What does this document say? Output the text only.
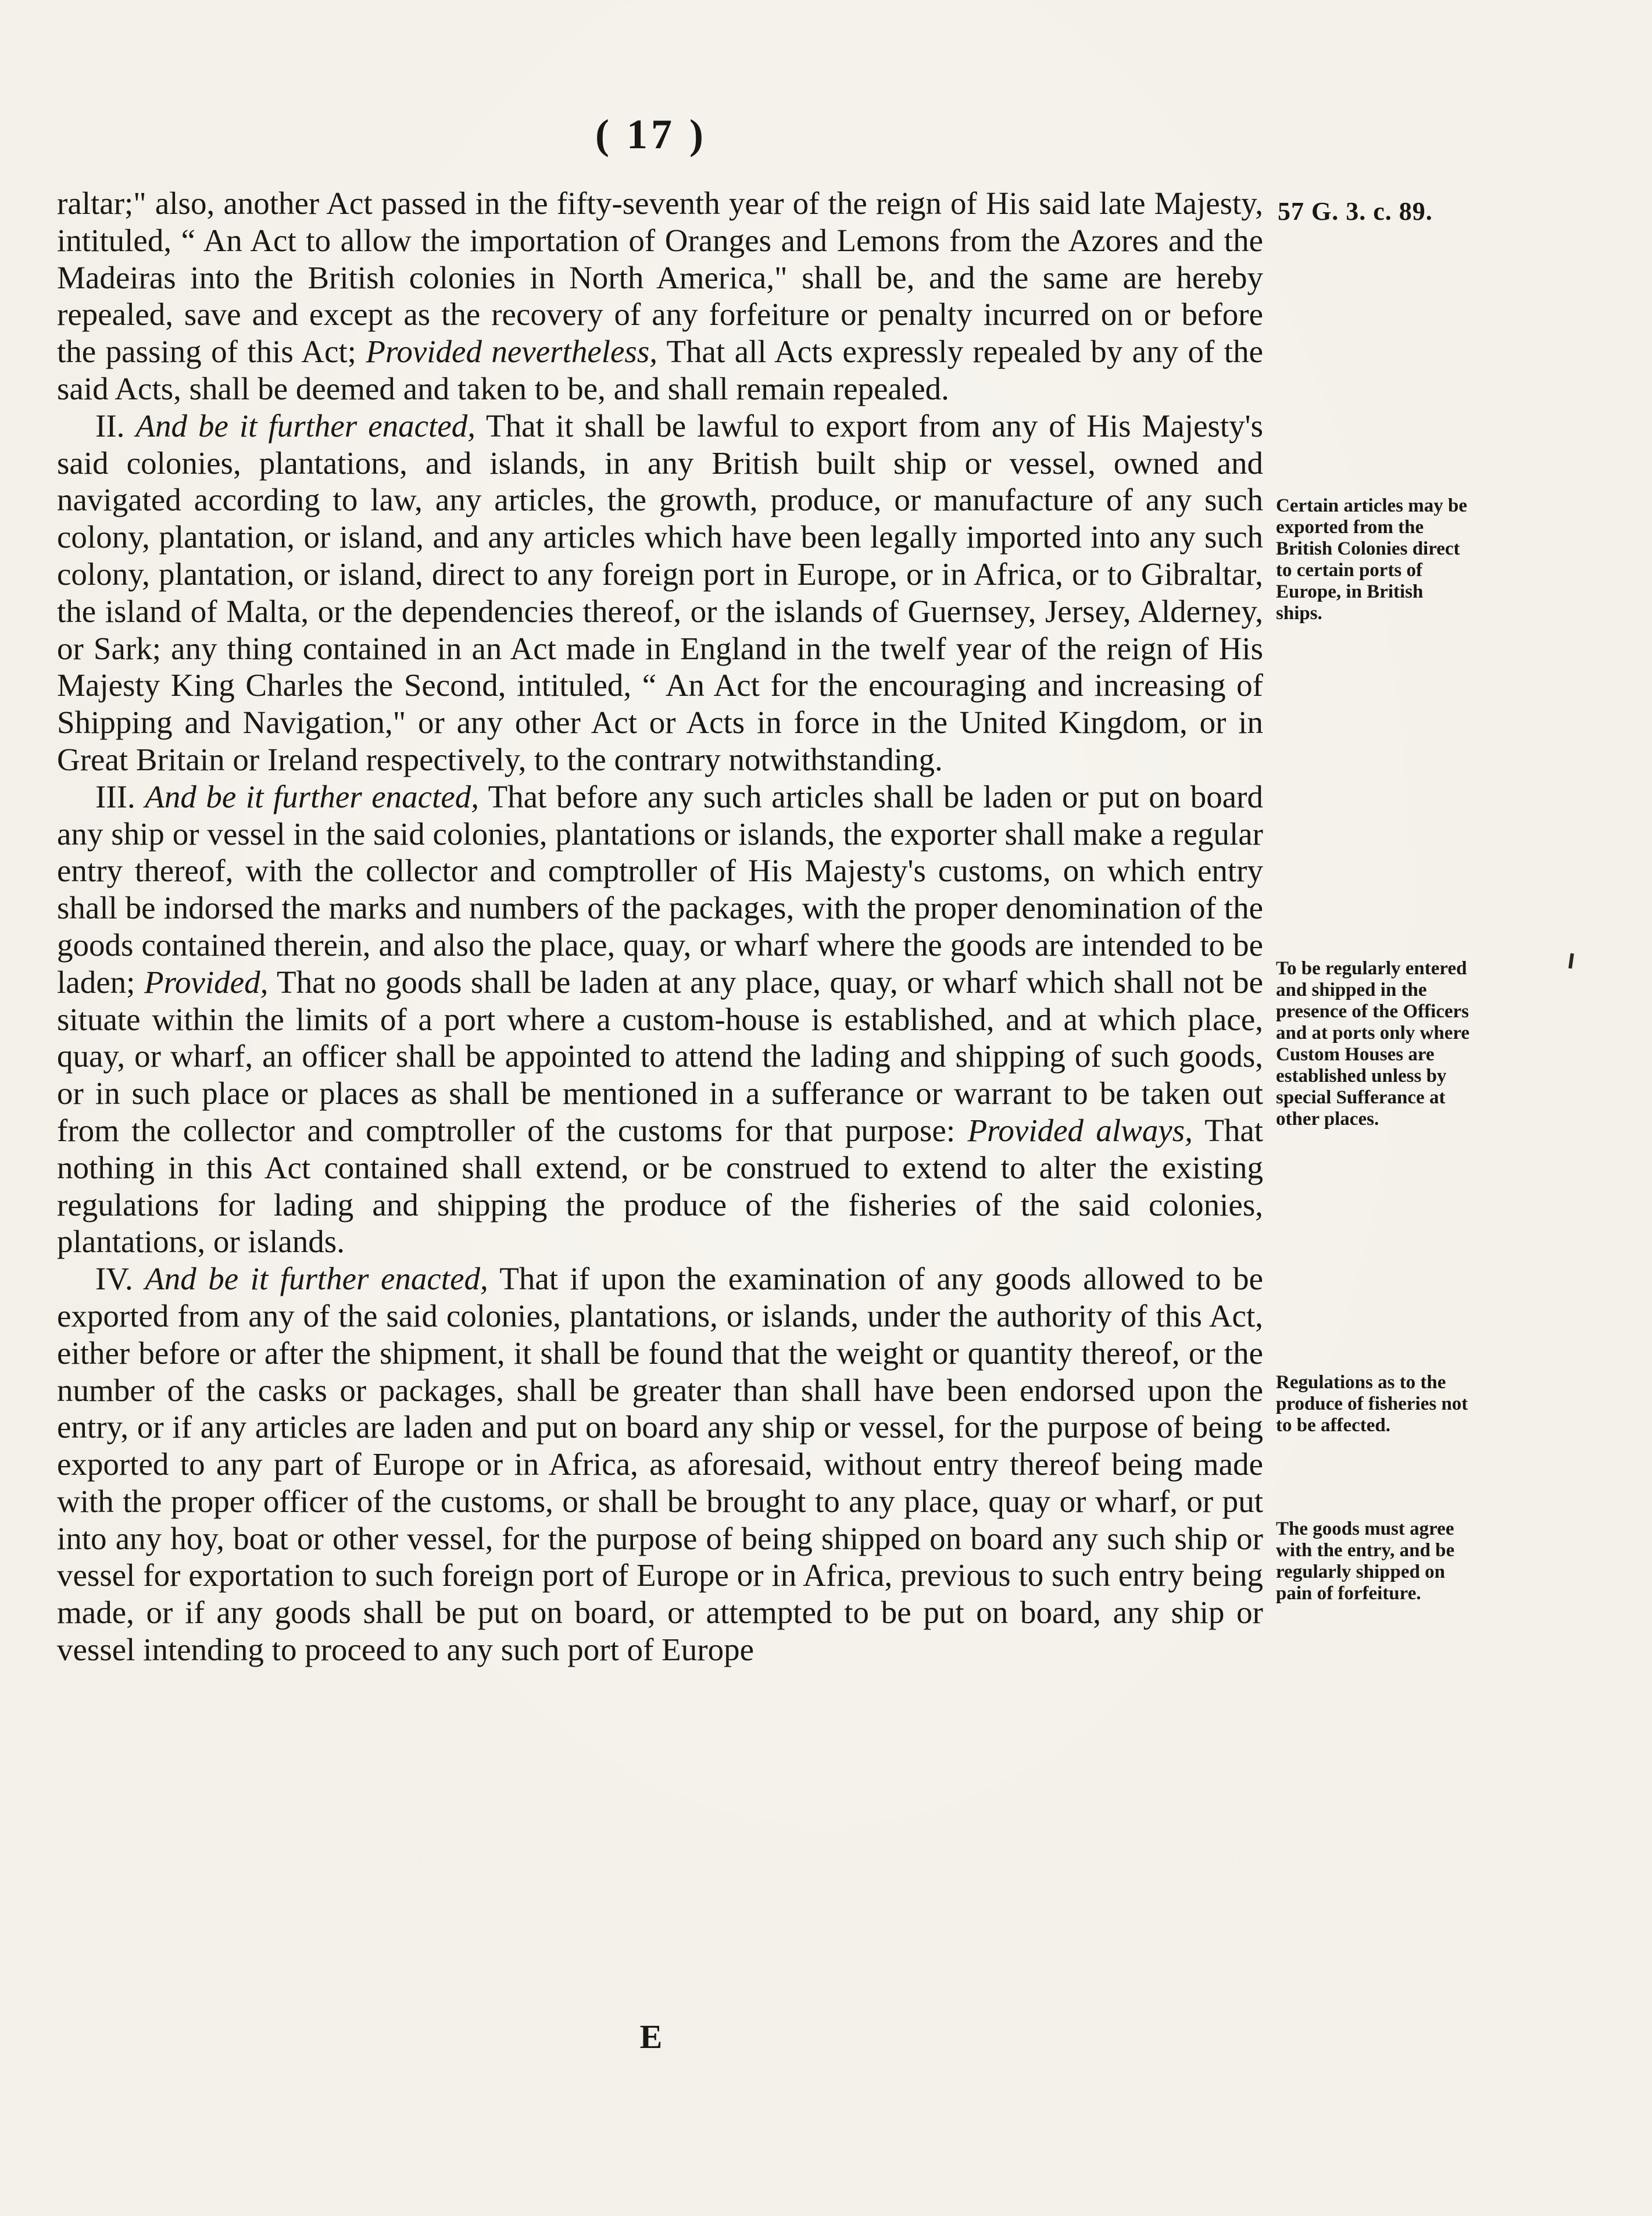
( 17 )
57 G. 3. c. 89.

raltar;" also, another Act passed in the fifty-seventh year of the reign of His said late Majesty, intituled, “ An Act to allow the importation of Oranges and Lemons from the Azores and the Madeiras into the British colonies in North America," shall be, and the same are hereby repealed, save and except as the recovery of any forfeiture or penalty incurred on or before the passing of this Act; Provided nevertheless, That all Acts expressly repealed by any of the said Acts, shall be deemed and taken to be, and shall remain repealed.

II. And be it further enacted, That it shall be lawful to export from any of His Majesty's said colonies, plantations, and islands, in any British built ship or vessel, owned and navigated according to law, any articles, the growth, produce, or manufacture of any such colony, plantation, or island, and any articles which have been legally imported into any such colony, plantation, or island, direct to any foreign port in Europe, or in Africa, or to Gibraltar, the island of Malta, or the dependencies thereof, or the islands of Guernsey, Jersey, Alderney, or Sark; any thing contained in an Act made in England in the twelf year of the reign of His Majesty King Charles the Second, intituled, “ An Act for the encouraging and increasing of Shipping and Navigation," or any other Act or Acts in force in the United Kingdom, or in Great Britain or Ireland respectively, to the contrary notwithstanding.

III. And be it further enacted, That before any such articles shall be laden or put on board any ship or vessel in the said colonies, plantations or islands, the exporter shall make a regular entry thereof, with the collector and comptroller of His Majesty's customs, on which entry shall be indorsed the marks and numbers of the packages, with the proper denomination of the goods contained therein, and also the place, quay, or wharf where the goods are intended to be laden; Provided, That no goods shall be laden at any place, quay, or wharf which shall not be situate within the limits of a port where a custom-house is established, and at which place, quay, or wharf, an officer shall be appointed to attend the lading and shipping of such goods, or in such place or places as shall be mentioned in a sufferance or warrant to be taken out from the collector and comptroller of the customs for that purpose: Provided always, That nothing in this Act contained shall extend, or be construed to extend to alter the existing regulations for lading and shipping the produce of the fisheries of the said colonies, plantations, or islands.

IV. And be it further enacted, That if upon the examination of any goods allowed to be exported from any of the said colonies, plantations, or islands, under the authority of this Act, either before or after the shipment, it shall be found that the weight or quantity thereof, or the number of the casks or packages, shall be greater than shall have been endorsed upon the entry, or if any articles are laden and put on board any ship or vessel, for the purpose of being exported to any part of Europe or in Africa, as aforesaid, without entry thereof being made with the proper officer of the customs, or shall be brought to any place, quay or wharf, or put into any hoy, boat or other vessel, for the purpose of being shipped on board any such ship or vessel for exportation to such foreign port of Europe or in Africa, previous to such entry being made, or if any goods shall be put on board, or attempted to be put on board, any ship or vessel intending to proceed to any such port of Europe

Certain articles may be exported from the British Colonies direct to certain ports of Europe, in British ships.
To be regularly entered and shipped in the presence of the Officers and at ports only where Custom Houses are established unless by special Sufferance at other places.
Regulations as to the produce of fisheries not to be affected.
The goods must agree with the entry, and be regularly shipped on pain of forfeiture.
E
